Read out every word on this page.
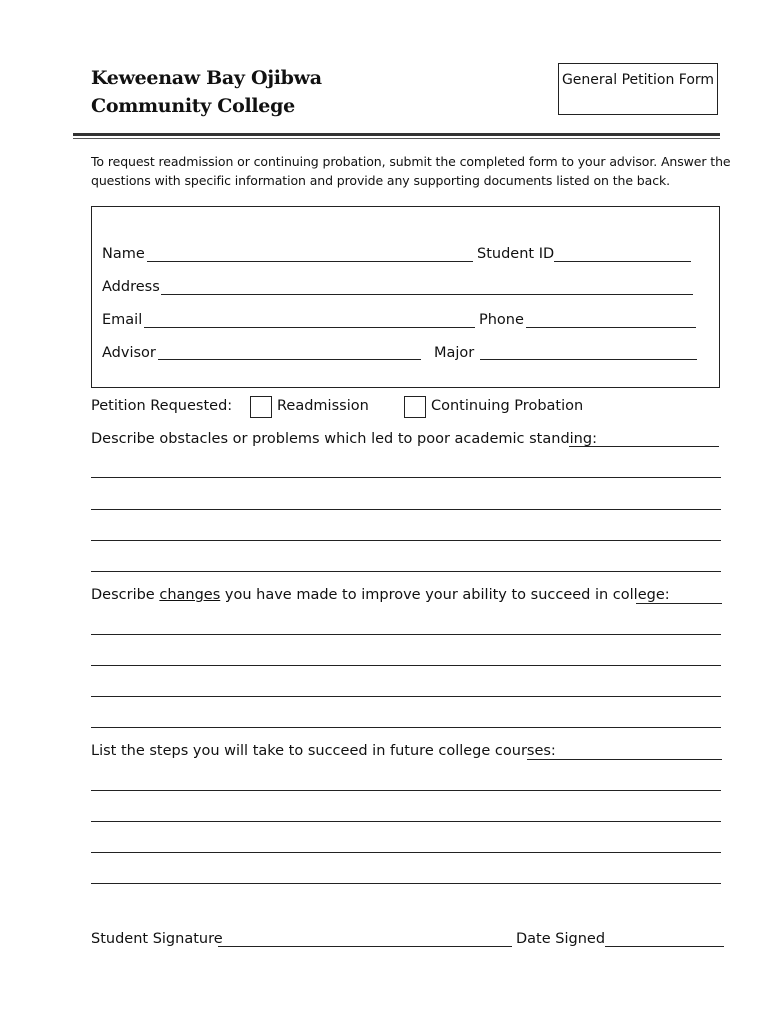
Keweenaw Bay Ojibwa
Community College
General Petition Form
To request readmission or continuing probation, submit the completed form to your advisor. Answer the questions with specific information and provide any supporting documents listed on the back.
Name	Student ID
Address
Email	Phone
Advisor	Major
Petition Requested:	Readmission	Continuing Probation
Describe obstacles or problems which led to poor academic standing:
Describe changes you have made to improve your ability to succeed in college:
List the steps you will take to succeed in future college courses:
Student Signature	Date Signed
